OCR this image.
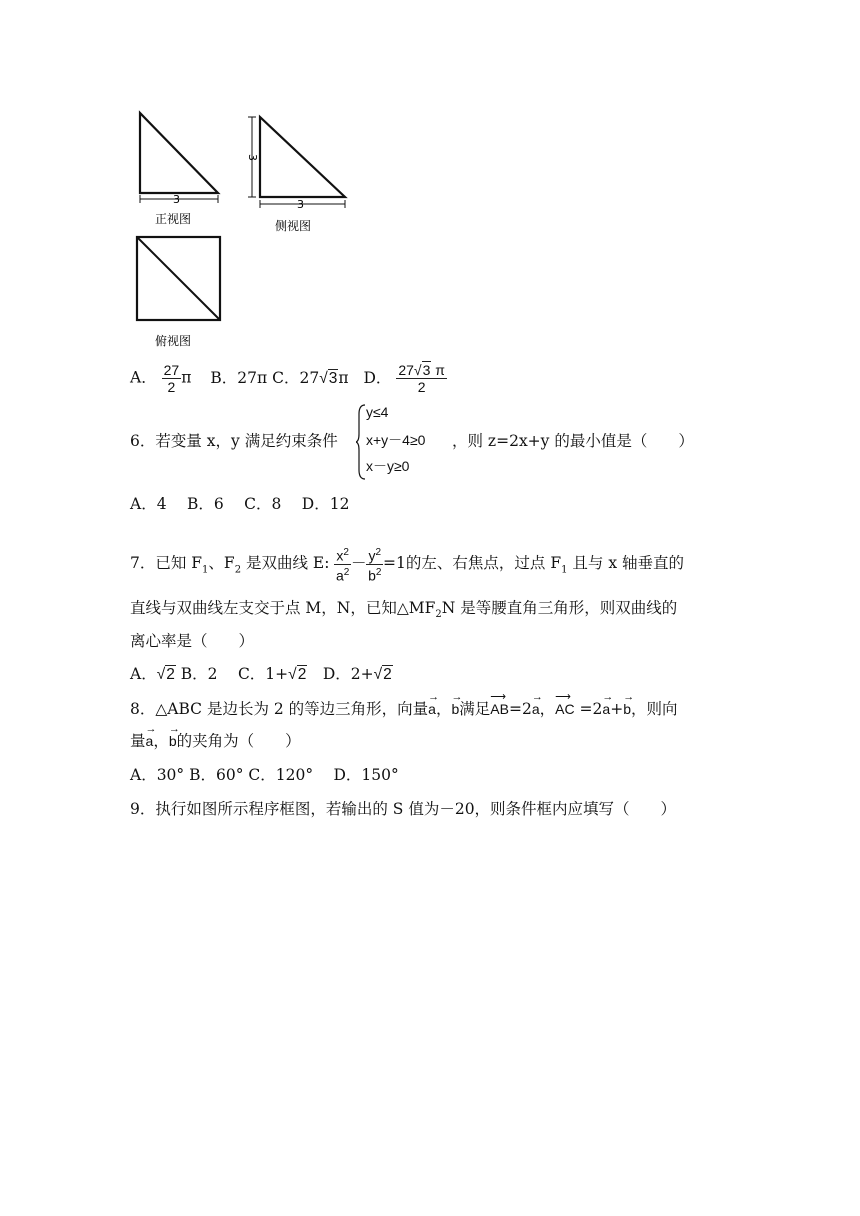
3
正视图
3
3
侧视图
俯视图
A． $\frac{27}{2}$ π B．27π C．27√3π D． $\frac{27√3 \pi}{2}$
6．若变量 x，y 满足约束条件
y≤4
x+y－4≥0
x－y≥0
，则 z=2x+y 的最小值是（　　）
A．4　 B．6　 C．8　 D．12
7．已知 $F_1$、$F_2$ 是双曲线 E: $\frac{x^2}{a^2} - \frac{y^2}{b^2} =1$的左、右焦点，过点 $F_1$ 且与 x 轴垂直的
直线与双曲线左支交于点 M，N，已知$\triangle MF_2N$ 是等腰直角三角形，则双曲线的
离心率是（　　）
A．√2 B．2　 C．1+√2　D．2+√2
8．△ABC 是边长为 2 的等边三角形，向量→ a，→ b满足⟶ AB=2→ a，⟶ AC =2→ a+→ b，则向
量→ a，→ b的夹角为（　　）
A．30° B．60° C．120°　 D．150°
9．执行如图所示程序框图，若输出的 S 值为－20，则条件框内应填写（　　）
